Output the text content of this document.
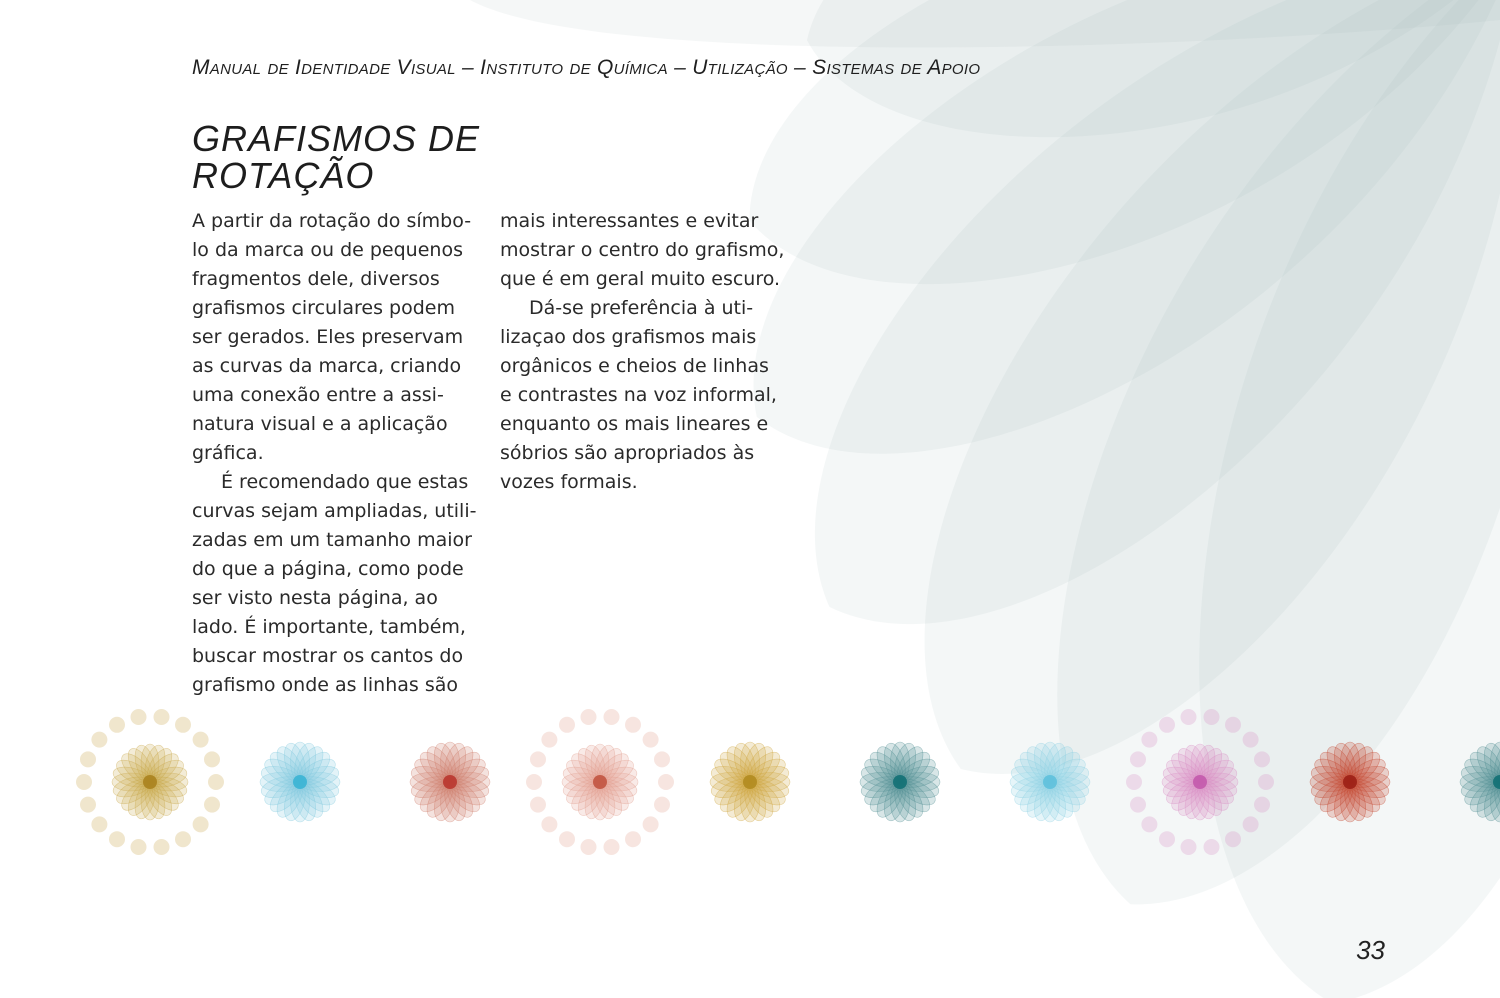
Manual de Identidade Visual – Instituto de Química – Utilização – Sistemas de Apoio
GRAFISMOS DE
ROTAÇÃO
A partir da rotação do símbo-
lo da marca ou de pequenos
fragmentos dele, diversos
grafismos circulares podem
ser gerados. Eles preservam
as curvas da marca, criando
uma conexão entre a assi-
natura visual e a aplicação
gráfica.
É recomendado que estas
curvas sejam ampliadas, utili-
zadas em um tamanho maior
do que a página, como pode
ser visto nesta página, ao
lado. É importante, também,
buscar mostrar os cantos do
grafismo onde as linhas são
mais interessantes e evitar
mostrar o centro do grafismo,
que é em geral muito escuro.
Dá-se preferência à uti-
lizaçao dos grafismos mais
orgânicos e cheios de linhas
e contrastes na voz informal,
enquanto os mais lineares e
sóbrios são apropriados às
vozes formais.
33
